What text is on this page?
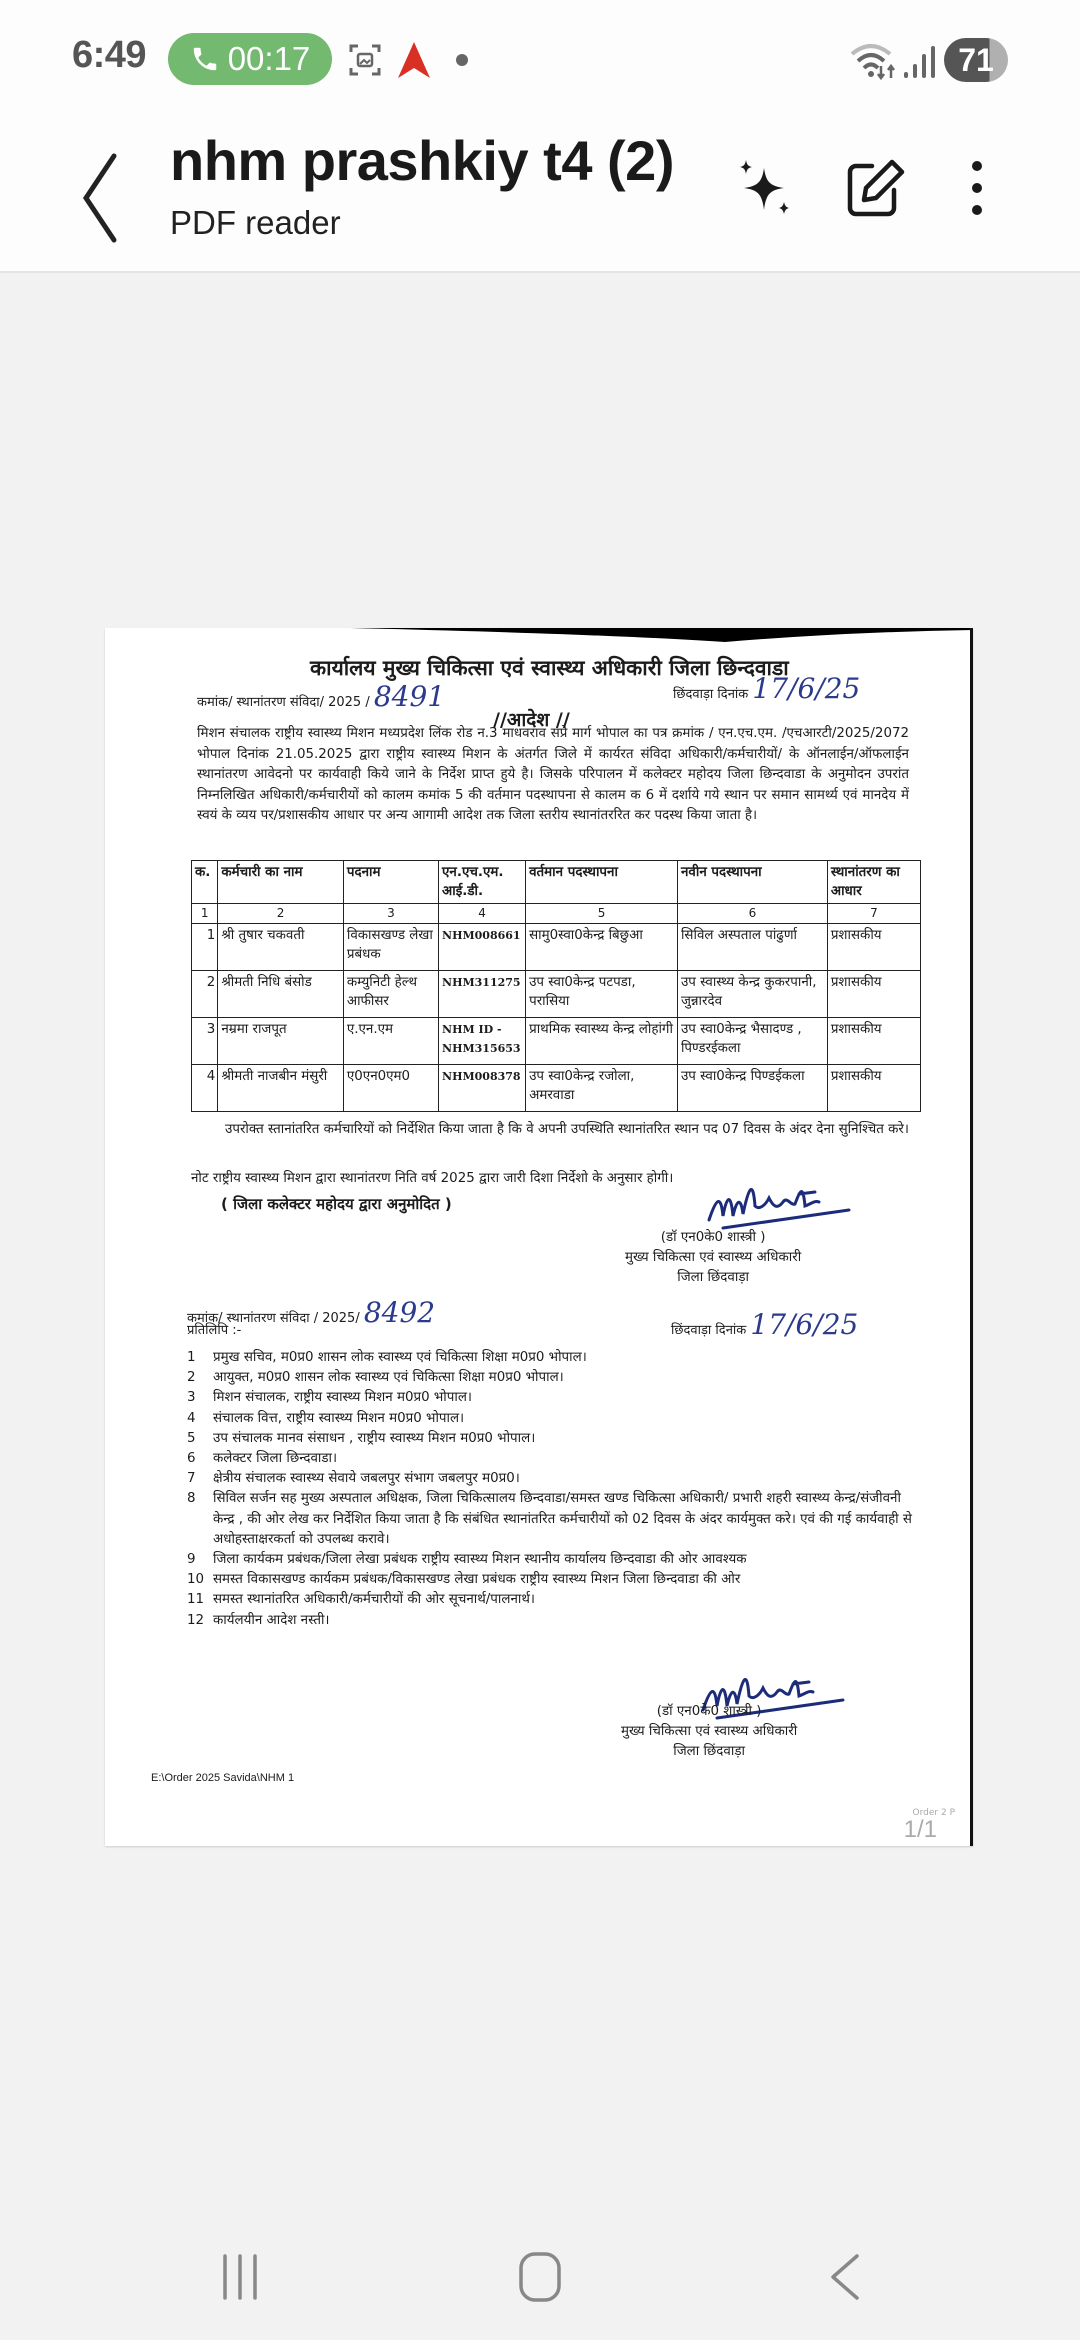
6:49 00:17	71
nhm prashkiy t4 (2)
PDF reader
कार्यालय मुख्य चिकित्सा एवं स्वास्थ्य अधिकारी जिला छिन्दवाडा
कमांक/ स्थानांतरण संविदा/ 2025 / 8491	छिंदवाड़ा दिनांक 17/6/25
//आदेश //
मिशन संचालक राष्ट्रीय स्वास्थ्य मिशन मध्यप्रदेश लिंक रोड न.3 माधवराव सप्रे मार्ग भोपाल का पत्र क्रमांक / एन.एच.एम. /एचआरटी/2025/2072 भोपाल दिनांक 21.05.2025 द्वारा राष्ट्रीय स्वास्थ्य मिशन के अंतर्गत जिले में कार्यरत संविदा अधिकारी/कर्मचारीयों/ के ऑनलाईन/ऑफलाईन स्थानांतरण आवेदनो पर कार्यवाही किये जाने के निर्देश प्राप्त हुये है। जिसके परिपालन में कलेक्टर महोदय जिला छिन्दवाडा के अनुमोदन उपरांत निम्नलिखित अधिकारी/कर्मचारीयों को कालम कमांक 5 की वर्तमान पदस्थापना से कालम क 6 में दर्शाये गये स्थान पर समान सामर्थ्य एवं मानदेय में स्वयं के व्यय पर/प्रशासकीय आधार पर अन्य आगामी आदेश तक जिला स्तरीय स्थानांतररित कर पदस्थ किया जाता है।
क.	कर्मचारी का नाम	पदनाम	एन.एच.एम. आई.डी.	वर्तमान पदस्थापना	नवीन पदस्थापना	स्थानांतरण का आधार
1	2	3	4	5	6	7
1	श्री तुषार चकवती	विकासखण्ड लेखा प्रबंधक	NHM008661	सामु0स्वा0केन्द्र बिछुआ	सिविल अस्पताल पांढुर्णा	प्रशासकीय
2	श्रीमती निधि बंसोड	कम्युनिटी हेल्थ आफीसर	NHM311275	उप स्वा0केन्द्र पटपडा, परासिया	उप स्वास्थ्य केन्द्र कुकरपानी, जुन्नारदेव	प्रशासकीय
3	नम्रमा राजपूत	ए.एन.एम	NHM ID - NHM315653	प्राथमिक स्वास्थ्य केन्द्र लोहांगी	उप स्वा0केन्द्र भैसादण्ड , पिण्डरईकला	प्रशासकीय
4	श्रीमती नाजबीन मंसुरी	ए0एन0एम0	NHM008378	उप स्वा0केन्द्र रजोला, अमरवाडा	उप स्वा0केन्द्र पिण्डईकला	प्रशासकीय
उपरोक्त स्तानांतरित कर्मचारियों को निर्देशित किया जाता है कि वे अपनी उपस्थिति स्थानांतरित स्थान पद 07 दिवस के अंदर देना सुनिश्चित करे।
नोट राष्ट्रीय स्वास्थ्य मिशन द्वारा स्थानांतरण निति वर्ष 2025 द्वारा जारी दिशा निर्देशो के अनुसार होगी।
( जिला कलेक्टर महोदय द्वारा अनुमोदित )
(डॉ एन0के0 शास्त्री )
मुख्य चिकित्सा एवं स्वास्थ्य अधिकारी
जिला छिंदवाड़ा
कमांक/ स्थानांतरण संविदा / 2025/ 8492
प्रतिलिपि :-	छिंदवाड़ा दिनांक 17/6/25
1	प्रमुख सचिव, म0प्र0 शासन लोक स्वास्थ्य एवं चिकित्सा शिक्षा म0प्र0 भोपाल।
2	आयुक्त, म0प्र0 शासन लोक स्वास्थ्य एवं चिकित्सा शिक्षा म0प्र0 भोपाल।
3	मिशन संचालक, राष्ट्रीय स्वास्थ्य मिशन म0प्र0 भोपाल।
4	संचालक वित्त, राष्ट्रीय स्वास्थ्य मिशन म0प्र0 भोपाल।
5	उप संचालक मानव संसाधन , राष्ट्रीय स्वास्थ्य मिशन म0प्र0 भोपाल।
6	कलेक्टर जिला छिन्दवाडा।
7	क्षेत्रीय संचालक स्वास्थ्य सेवाये जबलपुर संभाग जबलपुर म0प्र0।
8	सिविल सर्जन सह मुख्य अस्पताल अधिक्षक, जिला चिकित्सालय छिन्दवाडा/समस्त खण्ड चिकित्सा अधिकारी/ प्रभारी शहरी स्वास्थ्य केन्द्र/संजीवनी केन्द्र , की ओर लेख कर निर्देशित किया जाता है कि संबंधित स्थानांतरित कर्मचारीयों को 02 दिवस के अंदर कार्यमुक्त करे। एवं की गई कार्यवाही से अधोहस्ताक्षरकर्ता को उपलब्ध करावे।
9	जिला कार्यकम प्रबंधक/जिला लेखा प्रबंधक राष्ट्रीय स्वास्थ्य मिशन स्थानीय कार्यालय छिन्दवाडा की ओर आवश्यक
10 समस्त विकासखण्ड कार्यकम प्रबंधक/विकासखण्ड लेखा प्रबंधक राष्ट्रीय स्वास्थ्य मिशन जिला छिन्दवाडा की ओर
11 समस्त स्थानांतरित अधिकारी/कर्मचारीयों की ओर सूचनार्थ/पालनार्थ।
12 कार्यलयीन आदेश नस्ती।
(डॉ एन0के0 शास्त्री )
मुख्य चिकित्सा एवं स्वास्थ्य अधिकारी
जिला छिंदवाड़ा
E:\Order 2025 Savida\NHM 1
Order 2 P
1/1
